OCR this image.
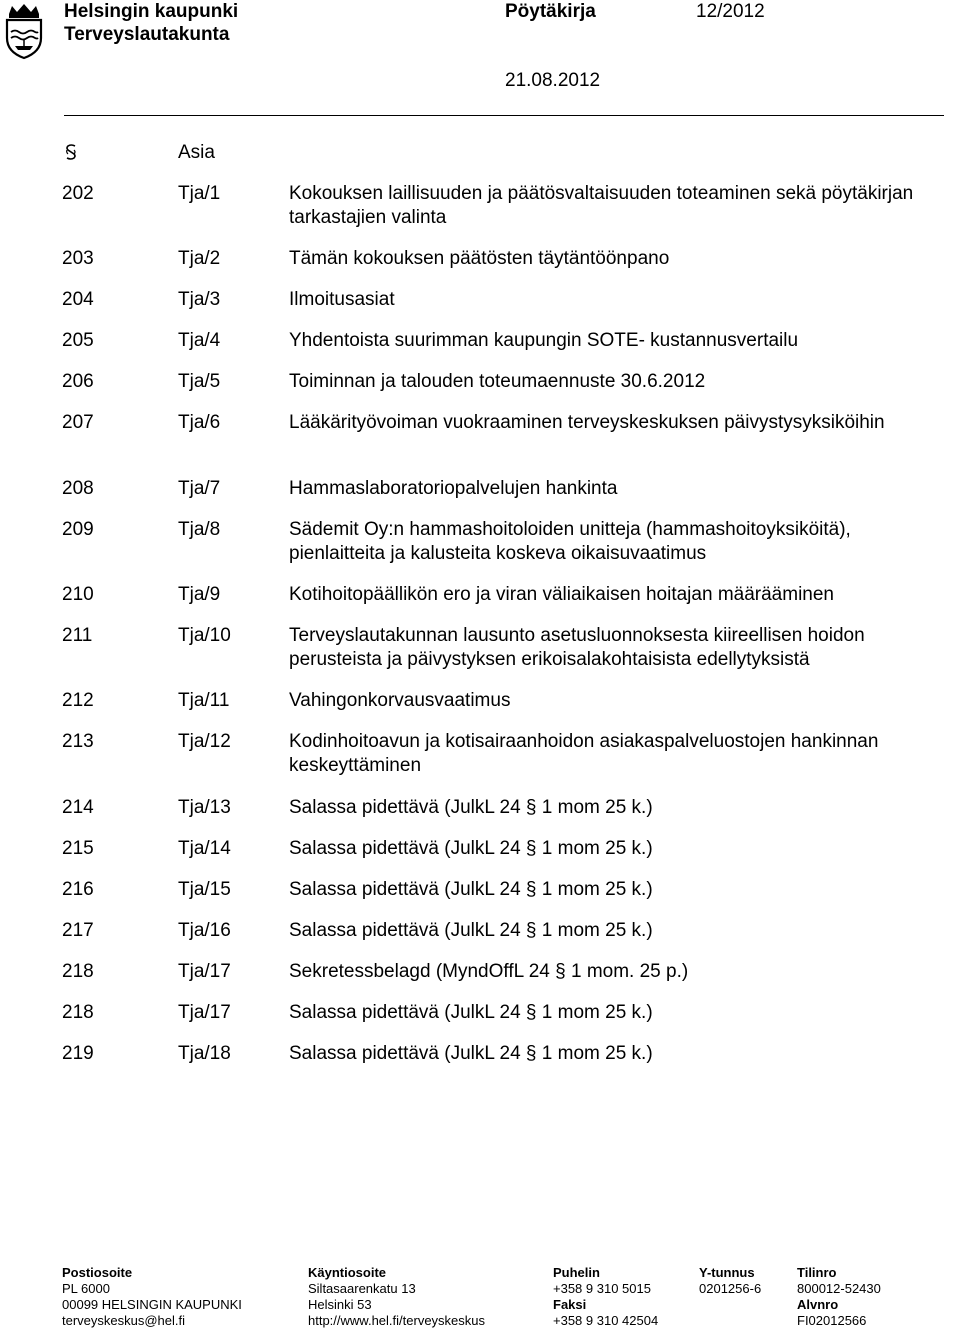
Helsingin kaupunki
Terveyslautakunta
Pöytäkirja	12/2012
21.08.2012
Asia
202	Tja/1	Kokouksen laillisuuden ja päätösvaltaisuuden toteaminen sekä pöytäkirjan tarkastajien valinta
203	Tja/2	Tämän kokouksen päätösten täytäntöönpano
204	Tja/3	Ilmoitusasiat
205	Tja/4	Yhdentoista suurimman kaupungin SOTE- kustannusvertailu
206	Tja/5	Toiminnan ja talouden toteumaennuste 30.6.2012
207	Tja/6	Lääkärityövoiman vuokraaminen terveyskeskuksen päivystysyksiköihin
208	Tja/7	Hammaslaboratoriopalvelujen hankinta
209	Tja/8	Sädemit Oy:n hammashoitoloiden unitteja (hammashoitoyksiköitä), pienlaitteita ja kalusteita koskeva oikaisuvaatimus
210	Tja/9	Kotihoitopäällikön ero ja viran väliaikaisen hoitajan määrääminen
211	Tja/10	Terveyslautakunnan lausunto asetusluonnoksesta kiireellisen hoidon perusteista ja päivystyksen erikoisalakohtaisista edellytyksistä
212	Tja/11	Vahingonkorvausvaatimus
213	Tja/12	Kodinhoitoavun ja kotisairaanhoidon asiakaspalveluostojen hankinnan keskeyttäminen
214	Tja/13	Salassa pidettävä (JulkL 24 § 1 mom 25 k.)
215	Tja/14	Salassa pidettävä (JulkL 24 § 1 mom 25 k.)
216	Tja/15	Salassa pidettävä (JulkL 24 § 1 mom 25 k.)
217	Tja/16	Salassa pidettävä (JulkL 24 § 1 mom 25 k.)
218	Tja/17	Sekretessbelagd (MyndOffL 24 § 1 mom. 25 p.)
218	Tja/17	Salassa pidettävä (JulkL 24 § 1 mom 25 k.)
219	Tja/18	Salassa pidettävä (JulkL 24 § 1 mom 25 k.)
Postiosoite
PL 6000
00099 HELSINGIN KAUPUNKI
terveyskeskus@hel.fi
Käyntiosoite
Siltasaarenkatu 13
Helsinki 53
http://www.hel.fi/terveyskeskus
Puhelin
+358 9 310 5015
Faksi
+358 9 310 42504
Y-tunnus
0201256-6
Tilinro
800012-52430
Alvnro
FI02012566
